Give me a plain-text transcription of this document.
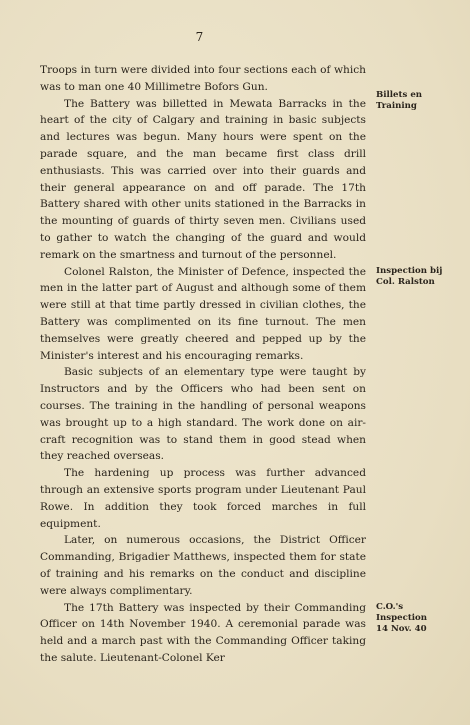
7

Troops in turn were divided into four sections each of which was to man one 40 Millimetre Bofors Gun.

The Battery was billetted in Mewata Barracks in the heart of the city of Calgary and training in basic subjects and lectures was begun. Many hours were spent on the parade square, and the man became first class drill enthusiasts. This was carried over into their guards and their general appearance on and off parade. The 17th Battery shared with other units stationed in the Barracks in the mounting of guards of thirty seven men. Civilians used to gather to watch the changing of the guard and would remark on the smartness and turnout of the personnel.

Colonel Ralston, the Minister of Defence, inspected the men in the latter part of August and although some of them were still at that time partly dressed in civilian clothes, the Battery was complimented on its fine turnout. The men themselves were greatly cheered and pepped up by the Minister's interest and his encouraging remarks.

Basic subjects of an elementary type were taught by Instructors and by the Officers who had been sent on courses. The training in the handling of personal weapons was brought up to a high standard. The work done on air-craft recognition was to stand them in good stead when they reached overseas.

The hardening up process was further advanced through an extensive sports program under Lieutenant Paul Rowe. In addition they took forced marches in full equipment.

Later, on numerous occasions, the District Officer Commanding, Brigadier Matthews, inspected them for state of training and his remarks on the conduct and discipline were always complimentary.

The 17th Battery was inspected by their Commanding Officer on 14th November 1940. A ceremonial parade was held and a march past with the Commanding Officer taking the salute. Lieutenant-Colonel Ker

Billets en
Training
Inspection bij
Col. Ralston
C.O.'s
Inspection
14 Nov. 40
